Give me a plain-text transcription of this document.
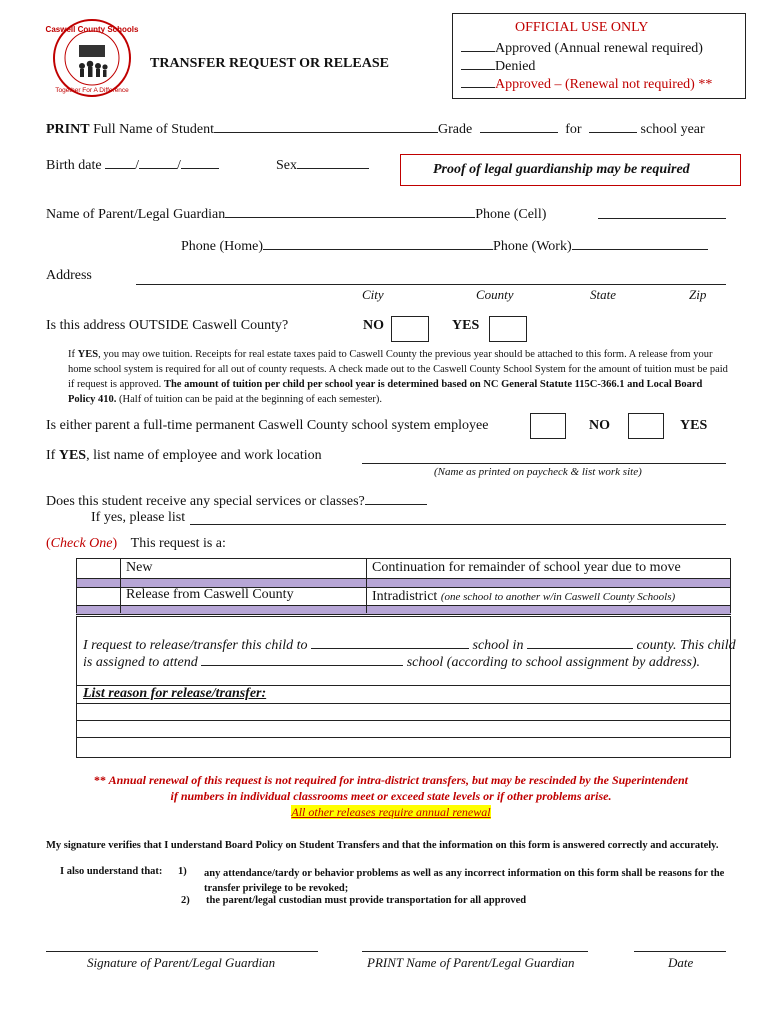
Caswell County Schools
Together For A Difference
TRANSFER REQUEST OR RELEASE
OFFICIAL USE ONLY
Approved (Annual renewal required)
Denied
Approved – (Renewal not required) **
PRINT Full Name of Student	Grade	for	school year
Birth date /	/	Sex	Proof of legal guardianship may be required
Name of Parent/Legal Guardian	Phone (Cell)
Phone (Home)	Phone (Work)
Address
City	County	State	Zip
Is this address OUTSIDE Caswell County?	NO	YES
If YES, you may owe tuition. Receipts for real estate taxes paid to Caswell County the previous year should be attached to this form. A release from your home school system is required for all out of county requests. A check made out to the Caswell County School System for the amount of tuition must be paid if request is approved. The amount of tuition per child per school year is determined based on NC General Statute 115C-366.1 and Local Board Policy 410. (Half of tuition can be paid at the beginning of each semester).
Is either parent a full-time permanent Caswell County school system employee	NO	YES
If YES, list name of employee and work location
(Name as printed on paycheck & list work site)
Does this student receive any special services or classes?
If yes, please list
(Check One) This request is a:
New	Continuation for remainder of school year due to move
Release from Caswell County	Intradistrict (one school to another w/in Caswell County Schools)
I request to release/transfer this child to	school in	county. This child
is assigned to attend	school (according to school assignment by address).
List reason for release/transfer:
** Annual renewal of this request is not required for intra-district transfers, but may be rescinded by the Superintendent
if numbers in individual classrooms meet or exceed state levels or if other problems arise.
All other releases require annual renewal
My signature verifies that I understand Board Policy on Student Transfers and that the information on this form is answered correctly and accurately.
I also understand that: 1) any attendance/tardy or behavior problems as well as any incorrect information on this form shall be reasons for the transfer privilege to be revoked;
2) the parent/legal custodian must provide transportation for all approved
Signature of Parent/Legal Guardian	PRINT Name of Parent/Legal Guardian	Date
